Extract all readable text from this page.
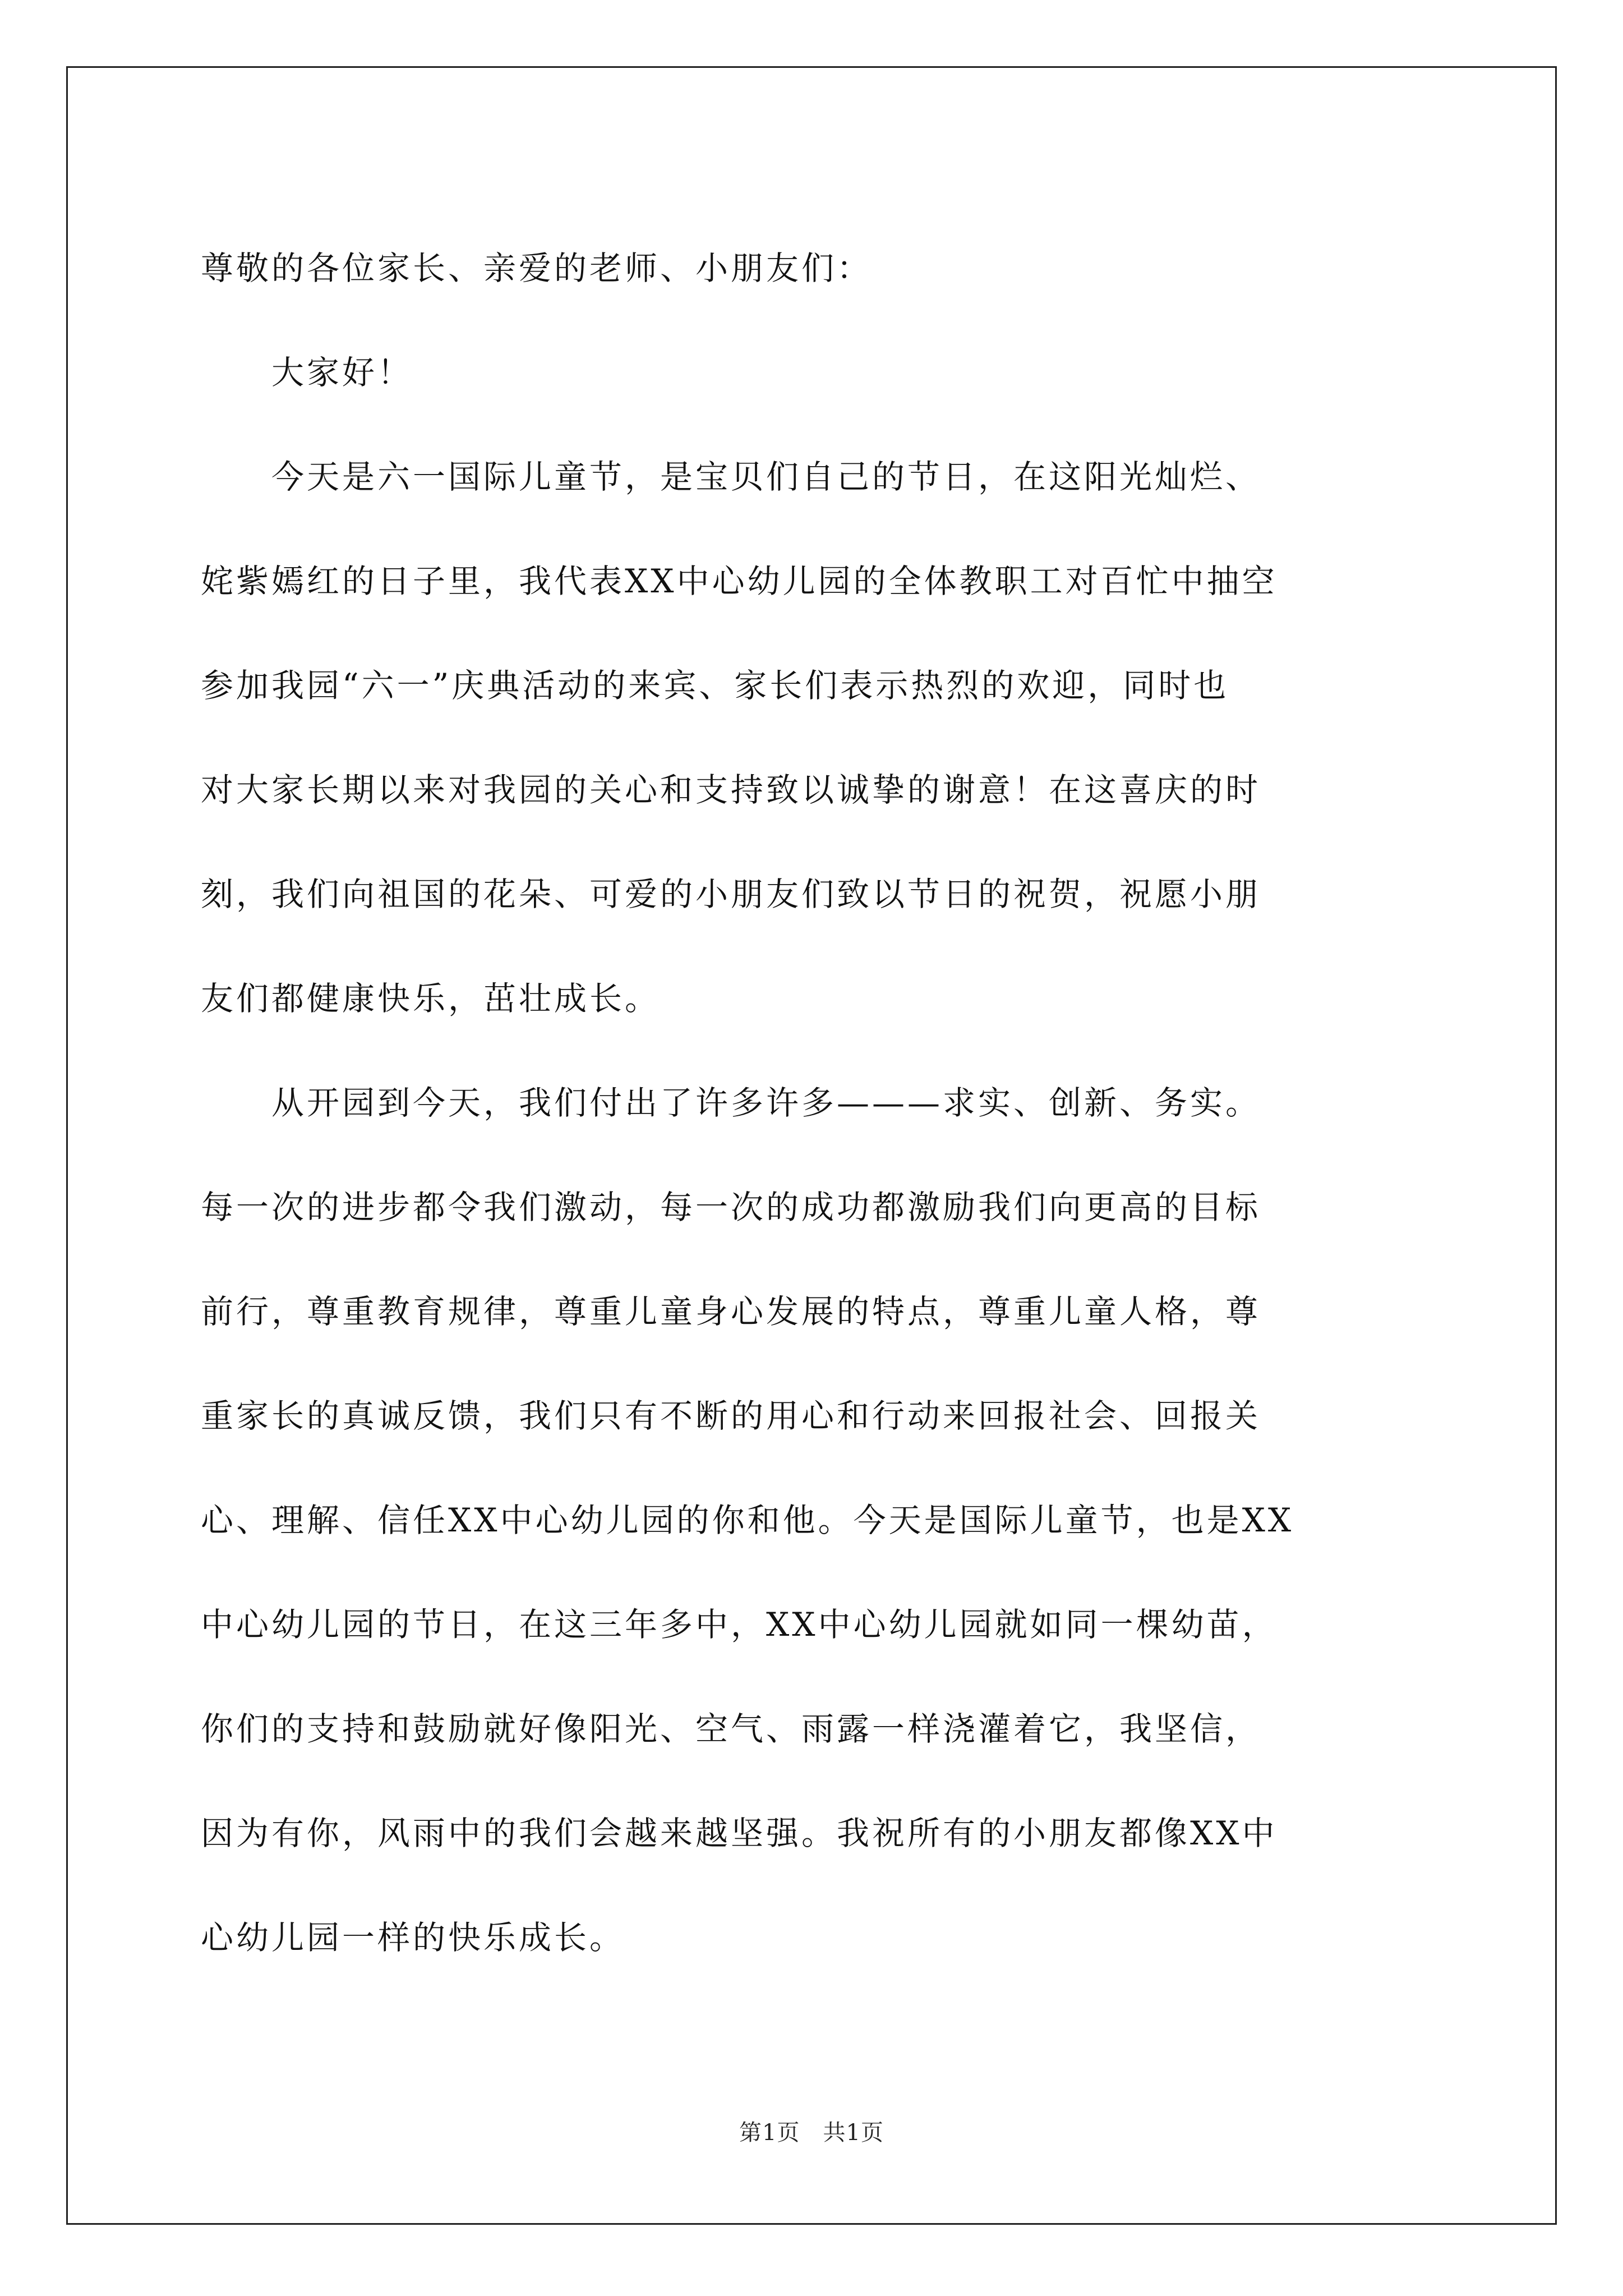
尊敬的各位家长、亲爱的老师、小朋友们：
　　大家好！
　　今天是六一国际儿童节，是宝贝们自己的节日，在这阳光灿烂、
姹紫嫣红的日子里，我代表XX中心幼儿园的全体教职工对百忙中抽空
参加我园“六一”庆典活动的来宾、家长们表示热烈的欢迎，同时也
对大家长期以来对我园的关心和支持致以诚挚的谢意！在这喜庆的时
刻，我们向祖国的花朵、可爱的小朋友们致以节日的祝贺，祝愿小朋
友们都健康快乐，茁壮成长。
　　从开园到今天，我们付出了许多许多———求实、创新、务实。
每一次的进步都令我们激动，每一次的成功都激励我们向更高的目标
前行，尊重教育规律，尊重儿童身心发展的特点，尊重儿童人格，尊
重家长的真诚反馈，我们只有不断的用心和行动来回报社会、回报关
心、理解、信任XX中心幼儿园的你和他。今天是国际儿童节，也是XX
中心幼儿园的节日，在这三年多中，XX中心幼儿园就如同一棵幼苗，
你们的支持和鼓励就好像阳光、空气、雨露一样浇灌着它，我坚信，
因为有你，风雨中的我们会越来越坚强。我祝所有的小朋友都像XX中
心幼儿园一样的快乐成长。
第1页　共1页
